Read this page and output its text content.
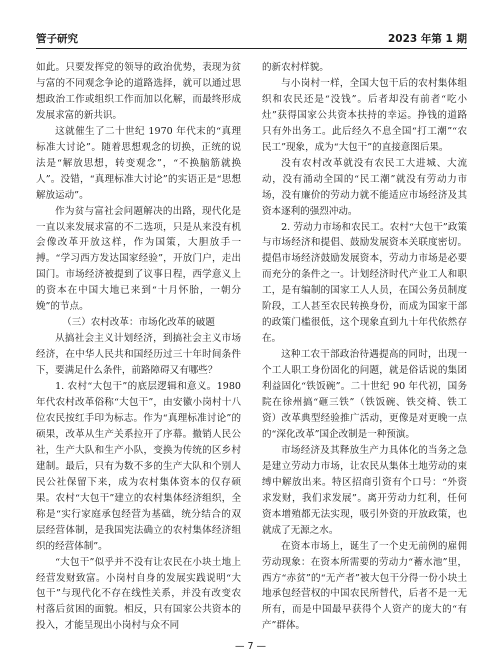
管子研究	2023 年第 1 期

如此。只要发挥党的领导的政治优势，表现为贫与富的不同观念争论的道路选择，就可以通过思想政治工作或组织工作而加以化解，而最终形成发展求富的新共识。

这就催生了二十世纪 1970 年代末的“真理标准大讨论”。随着思想观念的切换，正统的说法是“解放思想，转变观念”，“不换脑筋就换人”。没错，“真理标准大讨论”的实语正是“思想解放运动”。

作为贫与富社会问题解决的出路，现代化是一直以来发展求富的不二选项，只是从来没有机会像改革开放这样，作为国策，大胆放手一搏。“学习西方发达国家经验”，开放门户，走出国门。市场经济被提到了议事日程，西学意义上的资本在中国大地已来到“十月怀胎，一朝分娩”的节点。

（三）农村改革：市场化改革的破题

从搞社会主义计划经济，到搞社会主义市场经济，在中华人民共和国经历过三十年时间条件下，要满足什么条件，前路障碍又有哪些？

1. 农村“大包干”的底层逻辑和意义。1980 年代农村改革俗称“大包干”，由安徽小岗村十八位农民按红手印为标志。作为“真理标准讨论”的硕果，改革从生产关系拉开了序幕。撤销人民公社，生产大队和生产小队，变换为传统的区乡村建制。最后，只有为数不多的生产大队和个别人民公社保留下来，成为农村集体资本的仅存硕果。农村“大包干”建立的农村集体经济组织，全称是“实行家庭承包经营为基础，统分结合的双层经营体制，是我国宪法确立的农村集体经济组织的经营体制”。

“大包干”似乎并不没有让农民在小块土地上经营发财致富。小岗村自身的发展实践说明“大包干”与现代化不存在线性关系，并没有改变农村落后贫困的面貌。相反，只有国家公共资本的投入，才能呈现出小岗村与众不同

的新农村样貌。

与小岗村一样，全国大包干后的农村集体组织和农民还是“没钱”。后者却没有前者“吃小灶”获得国家公共资本扶持的幸运。挣钱的道路只有外出务工。此后经久不息全国“打工潮”“农民工”现象，成为“大包干”的直接意图后果。

没有农村改革就没有农民工大进城、大流动，没有涌动全国的“民工潮”就没有劳动力市场，没有廉价的劳动力就不能适应市场经济及其资本逐利的强烈冲动。

2. 劳动力市场和农民工。农村“大包干”政策与市场经济和提倡、鼓励发展资本关联度密切。提倡市场经济鼓励发展资本，劳动力市场是必要而充分的条件之一。计划经济时代产业工人和职工，是有编制的国家工人人员，在国公务员制度阶段，工人甚至农民转换身份，而成为国家干部的政策门槛很低，这个现象直到九十年代依然存在。

这种工农干部政治待遇提高的同时，出现一个工人职工身份固化的问题，就是俗话说的集团利益固化“铁饭碗”。二十世纪 90 年代初，国务院在徐州搞“砸三铁”（铁饭碗、铁交椅、铁工资）改革典型经验推广活动，更像是对更晚一点的“深化改革”国企改制是一种预演。

市场经济及其释放生产力具体化的当务之急是建立劳动力市场，让农民从集体土地劳动的束缚中解放出来。特区招商引资有个口号：“外资求发财，我们求发展”。离开劳动力红利，任何资本增殖都无法实现，吸引外资的开放政策，也就成了无源之水。

在资本市场上，诞生了一个史无前例的雇佣劳动现象：在资本所需要的劳动力“蓄水池”里，西方“赤贫”的“无产者”被大包干分得一份小块土地承包经营权的中国农民所替代，后者不是一无所有，而是中国最早获得个人资产的庞大的“有产”群体。

— 7 —
